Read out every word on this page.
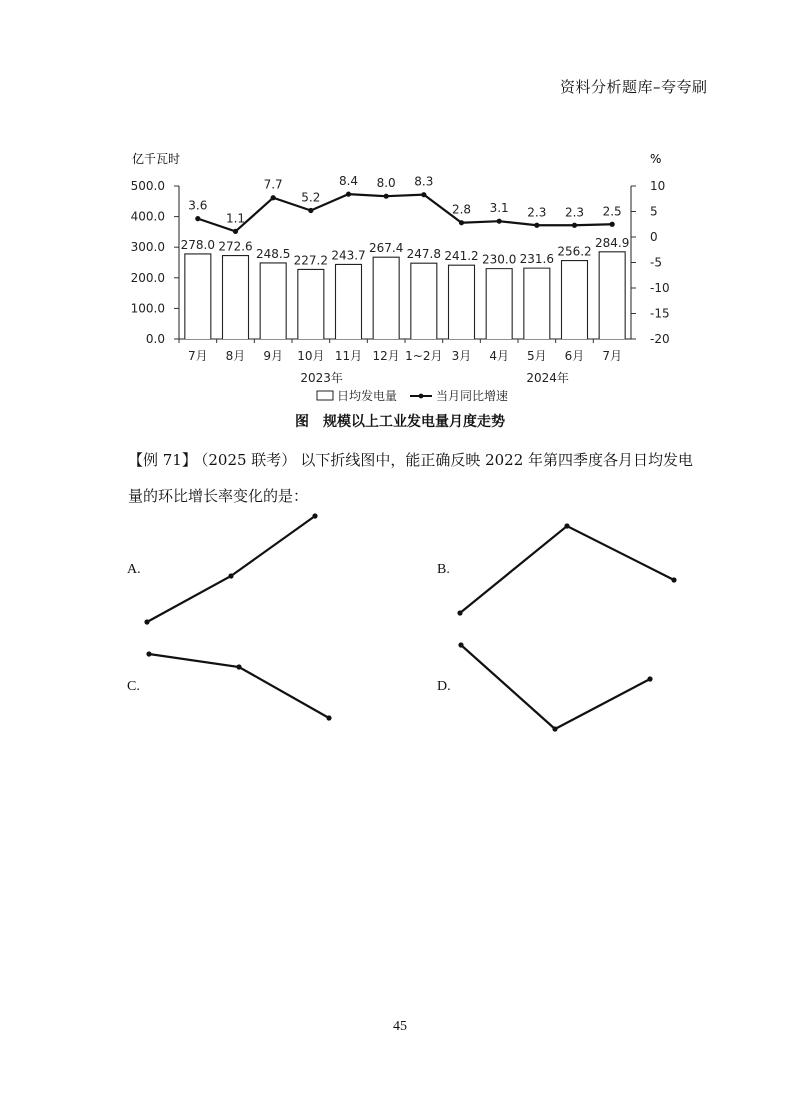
资料分析题库–夸夸刷
亿千瓦时	%
500.0
400.0
300.0
200.0
100.0
0.0
10
5
0
-5
-10
-15
-20
278.0 272.6
248.5 227.2 243.7
267.4 247.8 241.2 230.0 231.6
256.2
284.9
3.6
1.1
7.7
5.2
8.4 8.0 8.3
2.8 3.1 2.3 2.3 2.5
7月 8月 9月 10月 11月 12月 1~2月 3月 4月 5月 6月 7月
2023年	2024年
日均发电量	当月同比增速
图 规模以上工业发电量月度走势
【例 71】 （2025 联考） 以下折线图中，能正确反映 2022 年第四季度各月日均发电量的环比增长率变化的是：
A.	B.
C.	D.
45
